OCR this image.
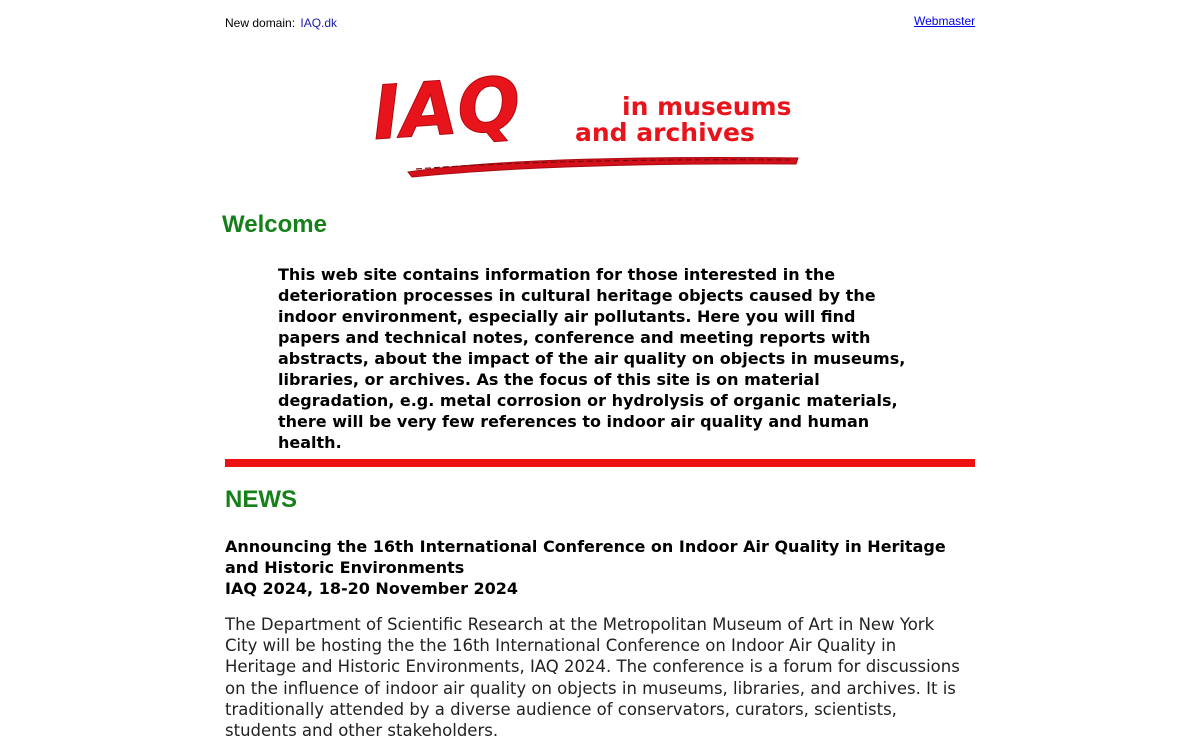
New domain: IAQ.dk	Webmaster
IAQ	in museums
and archives
Welcome

This web site contains information for those interested in the deterioration processes in cultural heritage objects caused by the indoor environment, especially air pollutants. Here you will find papers and technical notes, conference and meeting reports with abstracts, about the impact of the air quality on objects in museums, libraries, or archives. As the focus of this site is on material degradation, e.g. metal corrosion or hydrolysis of organic materials, there will be very few references to indoor air quality and human health.

NEWS
Announcing the 16th International Conference on Indoor Air Quality in Heritage and Historic Environments
IAQ 2024, 18-20 November 2024

The Department of Scientific Research at the Metropolitan Museum of Art in New York City will be hosting the the 16th International Conference on Indoor Air Quality in Heritage and Historic Environments, IAQ 2024. The conference is a forum for discussions on the influence of indoor air quality on objects in museums, libraries, and archives. It is traditionally attended by a diverse audience of conservators, curators, scientists, students and other stakeholders.
